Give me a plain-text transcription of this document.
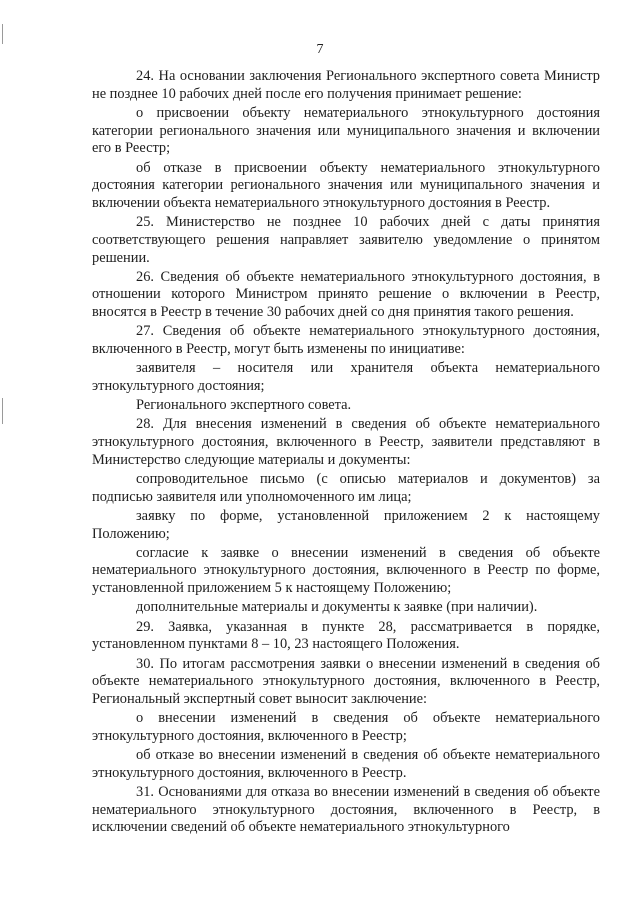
7

24. На основании заключения Регионального экспертного совета Министр не позднее 10 рабочих дней после его получения принимает решение:

о присвоении объекту нематериального этнокультурного достояния категории регионального значения или муниципального значения и включении его в Реестр;

об отказе в присвоении объекту нематериального этнокультурного достояния категории регионального значения или муниципального значения и включении объекта нематериального этнокультурного достояния в Реестр.

25. Министерство не позднее 10 рабочих дней с даты принятия соответствующего решения направляет заявителю уведомление о принятом решении.

26. Сведения об объекте нематериального этнокультурного достояния, в отношении которого Министром принято решение о включении в Реестр, вносятся в Реестр в течение 30 рабочих дней со дня принятия такого решения.

27. Сведения об объекте нематериального этнокультурного достояния, включенного в Реестр, могут быть изменены по инициативе:

заявителя – носителя или хранителя объекта нематериального этнокультурного достояния;

Регионального экспертного совета.

28. Для внесения изменений в сведения об объекте нематериального этнокультурного достояния, включенного в Реестр, заявители представляют в Министерство следующие материалы и документы:

сопроводительное письмо (с описью материалов и документов) за подписью заявителя или уполномоченного им лица;

заявку по форме, установленной приложением 2 к настоящему Положению;

согласие к заявке о внесении изменений в сведения об объекте нематериального этнокультурного достояния, включенного в Реестр по форме, установленной приложением 5 к настоящему Положению;

дополнительные материалы и документы к заявке (при наличии).

29. Заявка, указанная в пункте 28, рассматривается в порядке, установленном пунктами 8 – 10, 23 настоящего Положения.

30. По итогам рассмотрения заявки о внесении изменений в сведения об объекте нематериального этнокультурного достояния, включенного в Реестр, Региональный экспертный совет выносит заключение:

о внесении изменений в сведения об объекте нематериального этнокультурного достояния, включенного в Реестр;

об отказе во внесении изменений в сведения об объекте нематериального этнокультурного достояния, включенного в Реестр.

31. Основаниями для отказа во внесении изменений в сведения об объекте нематериального этнокультурного достояния, включенного в Реестр, в исключении сведений об объекте нематериального этнокультурного
